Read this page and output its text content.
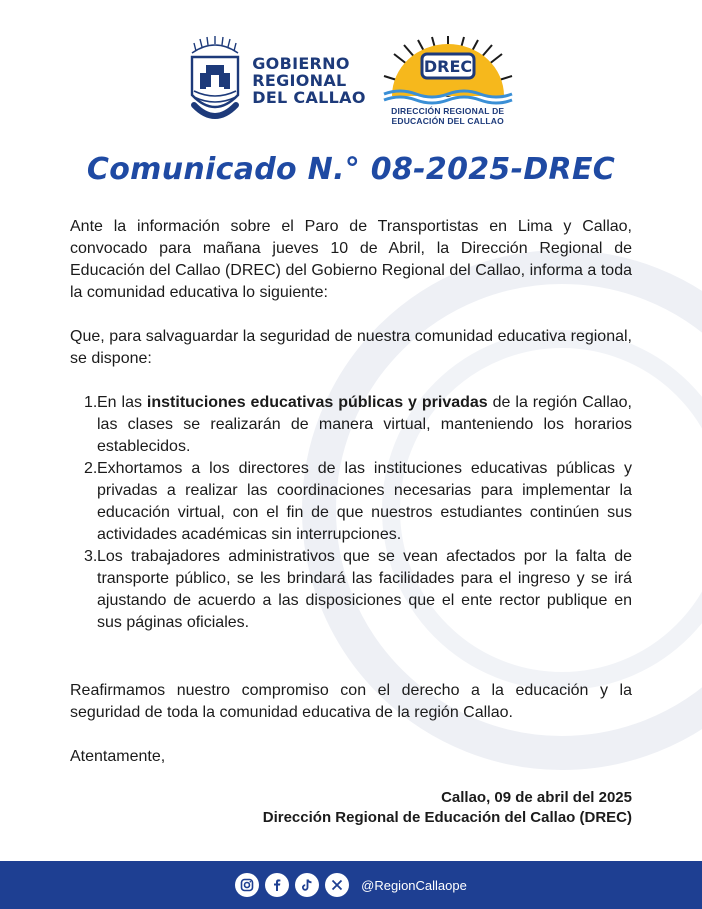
GOBIERNO
REGIONAL
DEL CALLAO
DREC
DIRECCIÓN REGIONAL DE
EDUCACIÓN DEL CALLAO
Comunicado N.° 08-2025-DREC

Ante la información sobre el Paro de Transportistas en Lima y Callao, convocado para mañana jueves 10 de Abril, la Dirección Regional de Educación del Callao (DREC) del Gobierno Regional del Callao, informa a toda la comunidad educativa lo siguiente:

Que, para salvaguardar la seguridad de nuestra comunidad educativa regional, se dispone:

1. En las instituciones educativas públicas y privadas de la región Callao, las clases se realizarán de manera virtual, manteniendo los horarios establecidos.
2. Exhortamos a los directores de las instituciones educativas públicas y privadas a realizar las coordinaciones necesarias para implementar la educación virtual, con el fin de que nuestros estudiantes continúen sus actividades académicas sin interrupciones.
3. Los trabajadores administrativos que se vean afectados por la falta de transporte público, se les brindará las facilidades para el ingreso y se irá ajustando de acuerdo a las disposiciones que el ente rector publique en sus páginas oficiales.

Reafirmamos nuestro compromiso con el derecho a la educación y la seguridad de toda la comunidad educativa de la región Callao.

Atentamente,

Callao, 09 de abril del 2025
Dirección Regional de Educación del Callao (DREC)
@RegionCallaope
